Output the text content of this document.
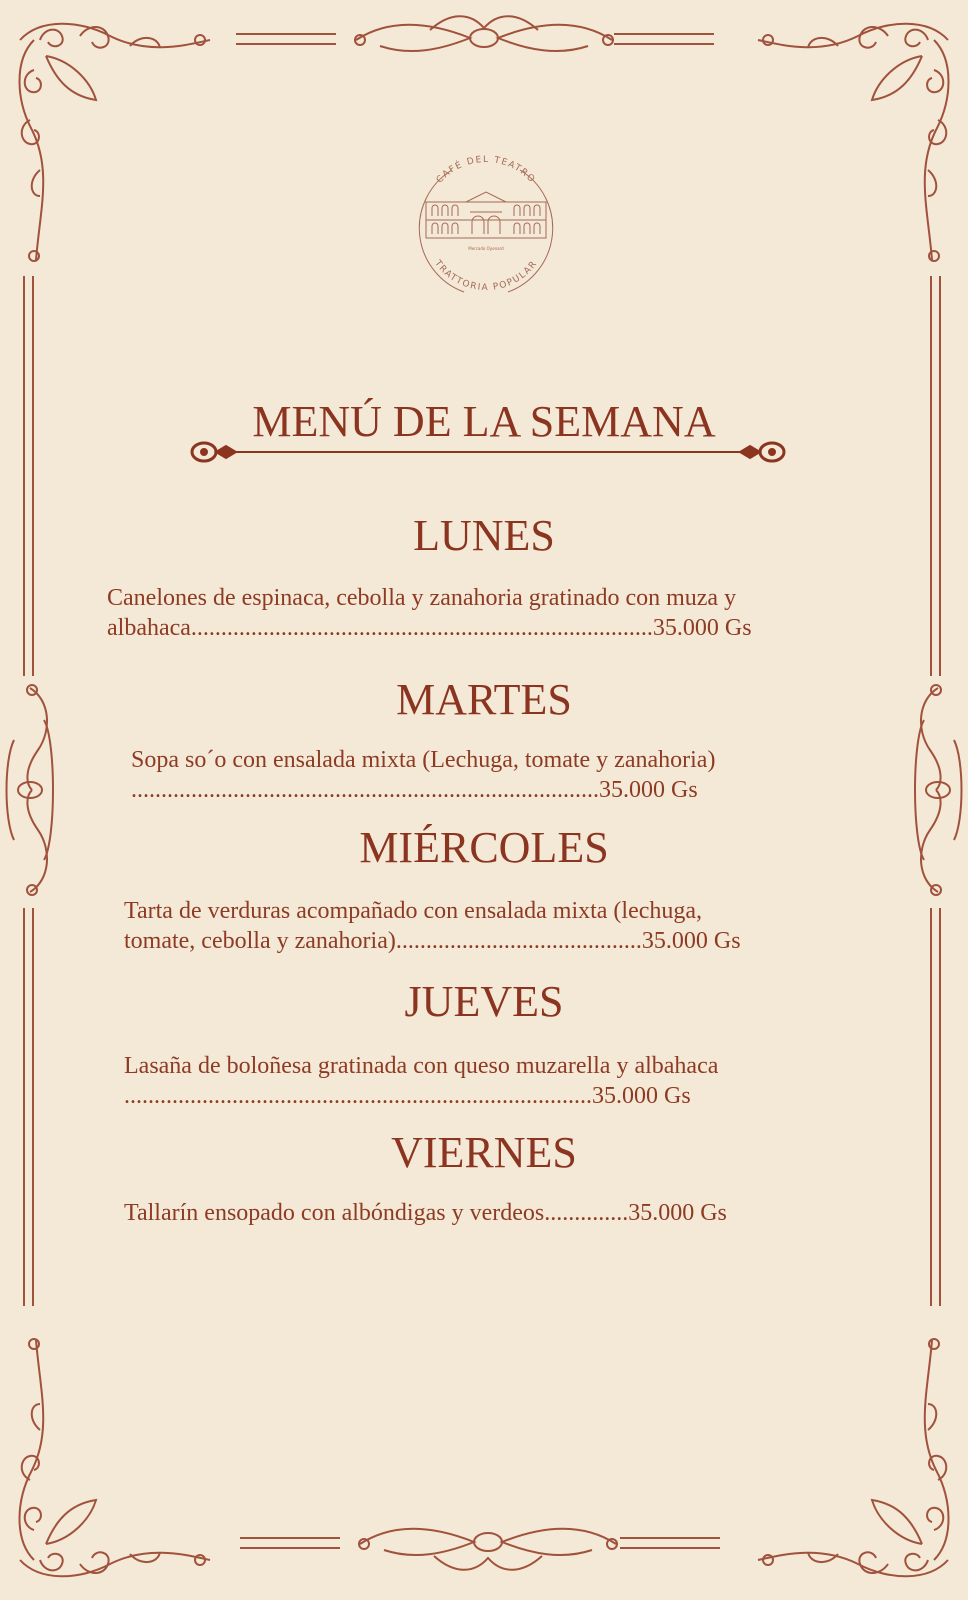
CAFÉ DEL TEATRO
TRATTORIA POPULAR
Mercado Oyenard
MENÚ DE LA SEMANA
LUNES

Canelones de espinaca, cebolla y zanahoria gratinado con muza y
albahaca.............................................................................35.000 Gs

MARTES

Sopa so´o con ensalada mixta (Lechuga, tomate y zanahoria)
..............................................................................35.000 Gs

MIÉRCOLES

Tarta de verduras acompañado con ensalada mixta (lechuga,
tomate, cebolla y zanahoria).........................................35.000 Gs

JUEVES

Lasaña de boloñesa gratinada con queso muzarella y albahaca
..............................................................................35.000 Gs

VIERNES

Tallarín ensopado con albóndigas y verdeos..............35.000 Gs
